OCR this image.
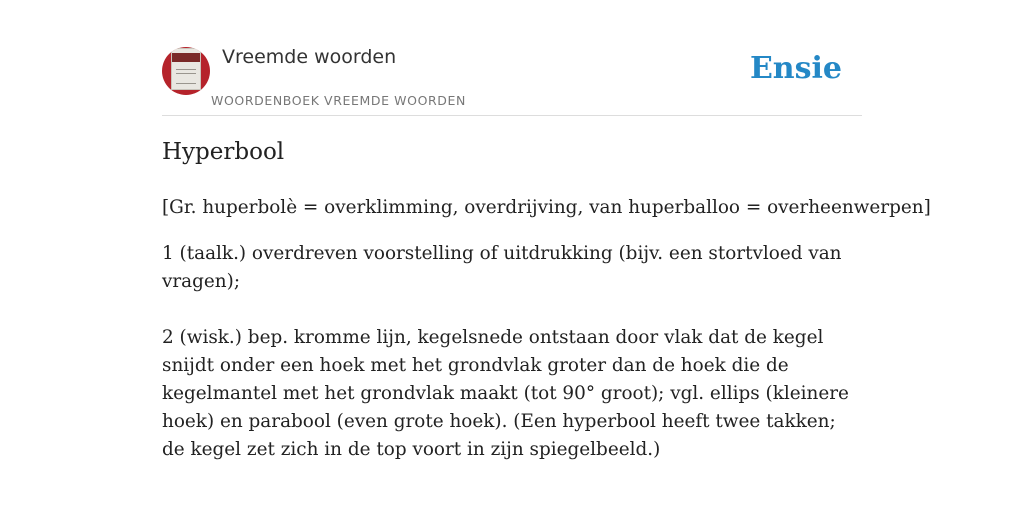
Vreemde woorden
WOORDENBOEK VREEMDE WOORDEN
Ensie
Hyperbool
[Gr. huperbolè = overklimming, overdrijving, van huperballoo = overheenwerpen]
1 (taalk.) overdreven voorstelling of uitdrukking (bijv. een stortvloed van vragen);
2 (wisk.) bep. kromme lijn, kegelsnede ontstaan door vlak dat de kegel snijdt onder een hoek met het grondvlak groter dan de hoek die de kegelmantel met het grondvlak maakt (tot 90° groot); vgl. ellips (kleinere hoek) en parabool (even grote hoek). (Een hyperbool heeft twee takken; de kegel zet zich in de top voort in zijn spiegelbeeld.)
